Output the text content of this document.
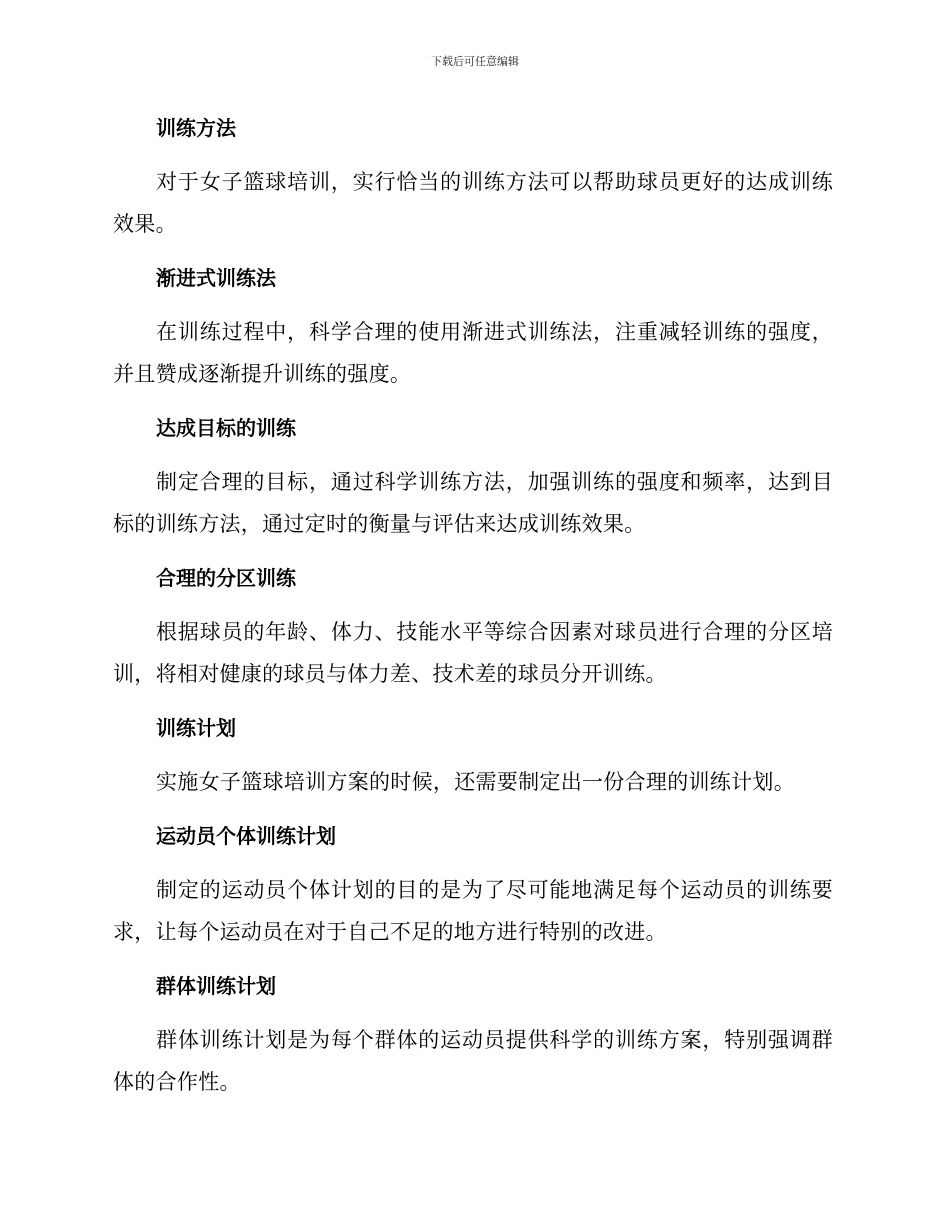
下载后可任意编辑
训练方法

对于女子篮球培训，实行恰当的训练方法可以帮助球员更好的达成训练效果。

渐进式训练法

在训练过程中，科学合理的使用渐进式训练法，注重减轻训练的强度，并且赞成逐渐提升训练的强度。

达成目标的训练

制定合理的目标，通过科学训练方法，加强训练的强度和频率，达到目标的训练方法，通过定时的衡量与评估来达成训练效果。

合理的分区训练

根据球员的年龄、体力、技能水平等综合因素对球员进行合理的分区培训，将相对健康的球员与体力差、技术差的球员分开训练。

训练计划

实施女子篮球培训方案的时候，还需要制定出一份合理的训练计划。

运动员个体训练计划

制定的运动员个体计划的目的是为了尽可能地满足每个运动员的训练要求，让每个运动员在对于自己不足的地方进行特别的改进。

群体训练计划

群体训练计划是为每个群体的运动员提供科学的训练方案，特别强调群体的合作性。
